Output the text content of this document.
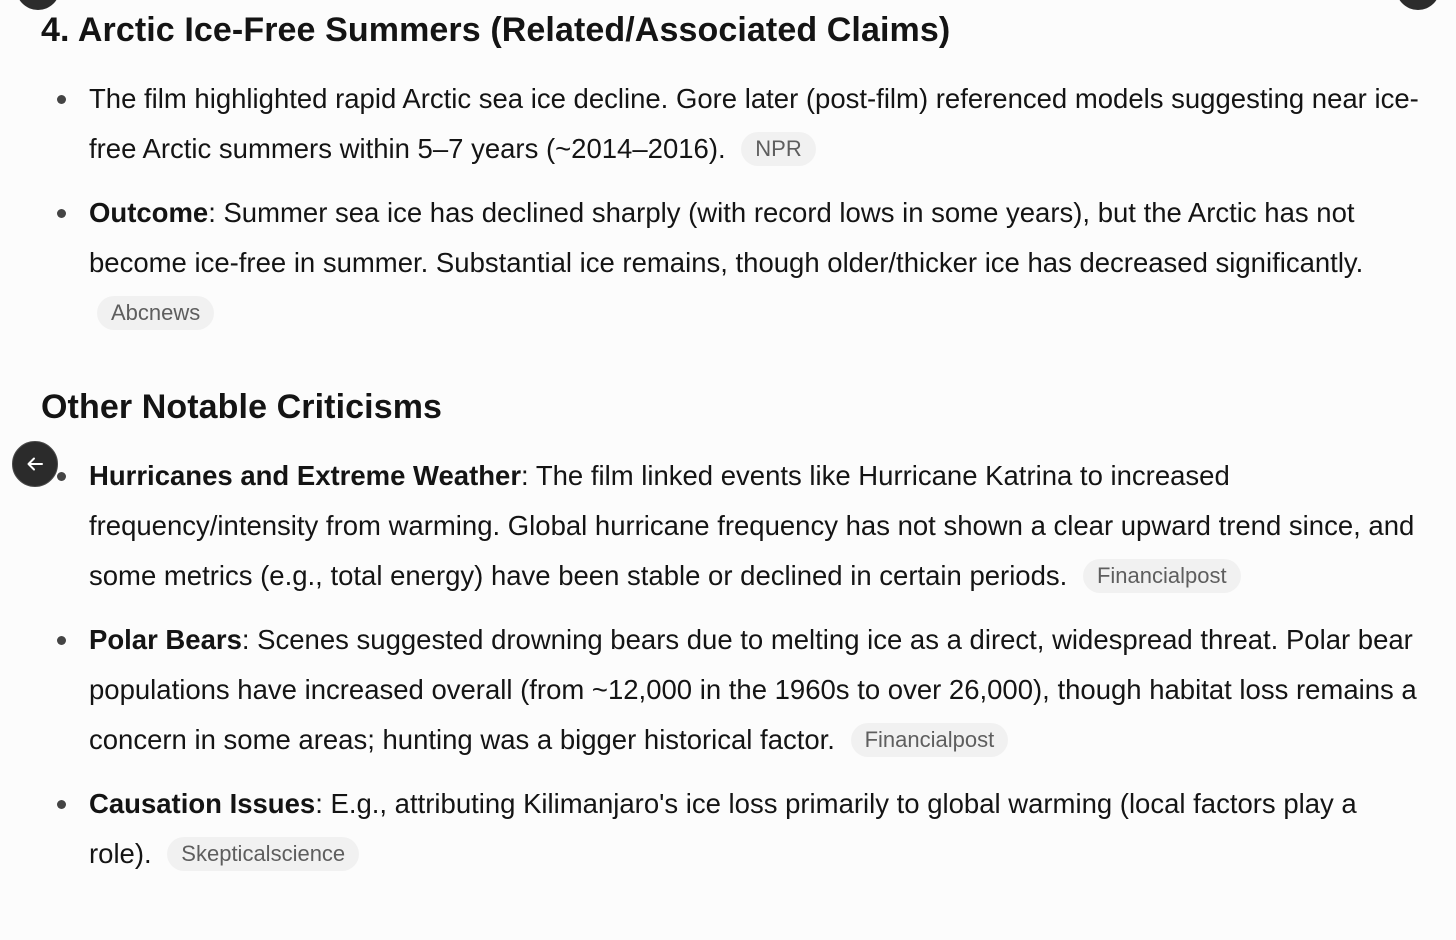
4. Arctic Ice-Free Summers (Related/Associated Claims)
The film highlighted rapid Arctic sea ice decline. Gore later (post-film) referenced models suggesting near ice-free Arctic summers within 5–7 years (~2014–2016). NPR
Outcome: Summer sea ice has declined sharply (with record lows in some years), but the Arctic has not become ice-free in summer. Substantial ice remains, though older/thicker ice has decreased significantly. Abcnews
Other Notable Criticisms
Hurricanes and Extreme Weather: The film linked events like Hurricane Katrina to increased frequency/intensity from warming. Global hurricane frequency has not shown a clear upward trend since, and some metrics (e.g., total energy) have been stable or declined in certain periods. Financialpost
Polar Bears: Scenes suggested drowning bears due to melting ice as a direct, widespread threat. Polar bear populations have increased overall (from ~12,000 in the 1960s to over 26,000), though habitat loss remains a concern in some areas; hunting was a bigger historical factor. Financialpost
Causation Issues: E.g., attributing Kilimanjaro's ice loss primarily to global warming (local factors play a role). Skepticalscience
